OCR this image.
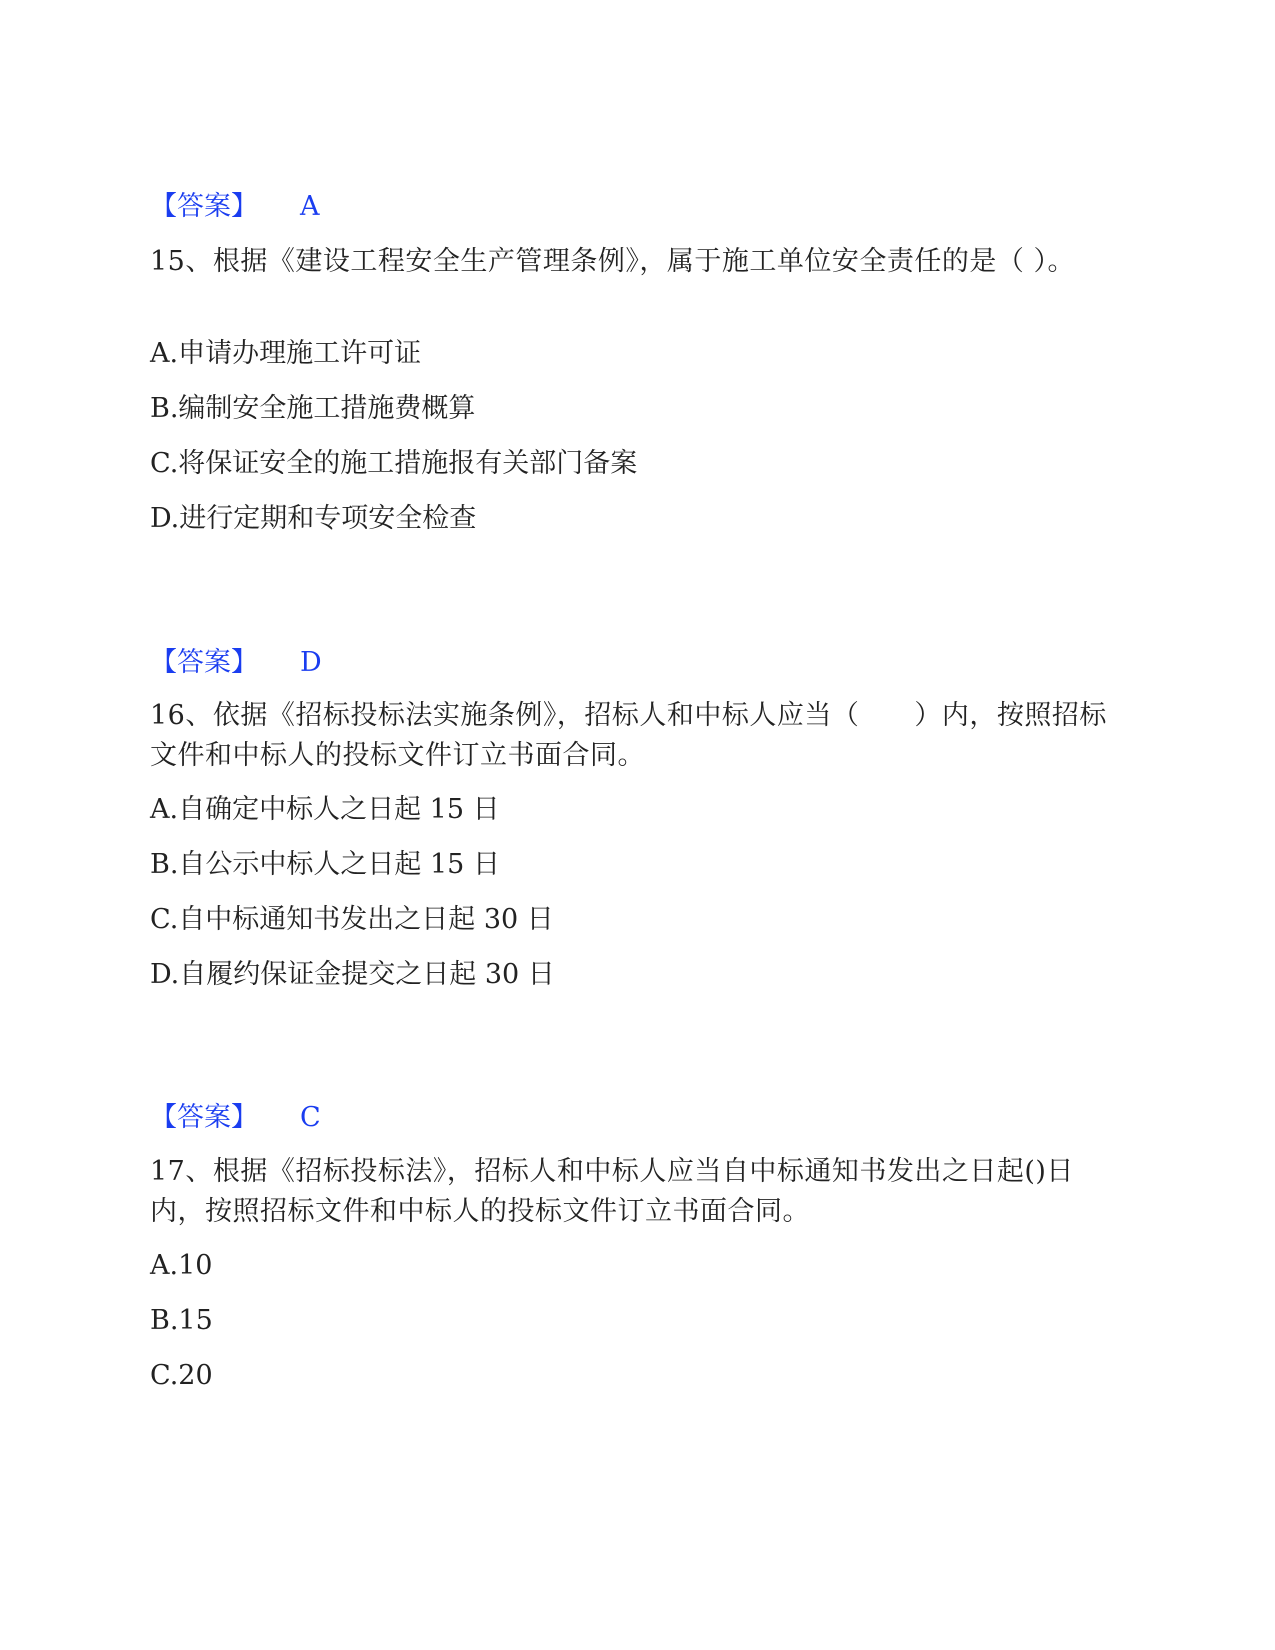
【答案】 A
15、根据《建设工程安全生产管理条例》，属于施工单位安全责任的是（ ）。
A.申请办理施工许可证
B.编制安全施工措施费概算
C.将保证安全的施工措施报有关部门备案
D.进行定期和专项安全检查
【答案】 D
16、依据《招标投标法实施条例》，招标人和中标人应当（　　）内，按照招标文件和中标人的投标文件订立书面合同。
A.自确定中标人之日起 15 日
B.自公示中标人之日起 15 日
C.自中标通知书发出之日起 30 日
D.自履约保证金提交之日起 30 日
【答案】 C
17、根据《招标投标法》，招标人和中标人应当自中标通知书发出之日起()日内，按照招标文件和中标人的投标文件订立书面合同。
A.10
B.15
C.20
